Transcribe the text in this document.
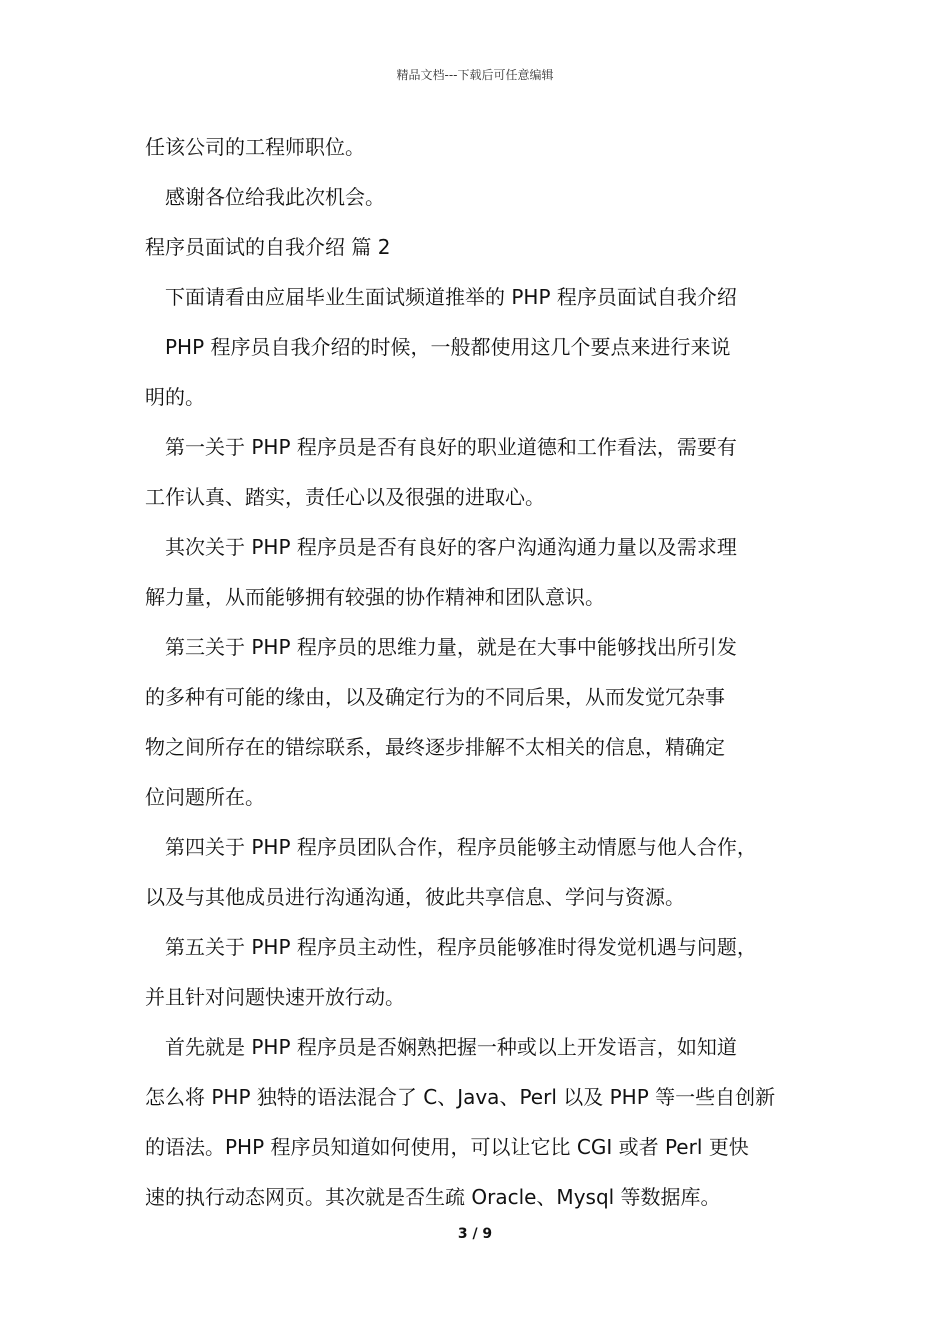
精品文档---下载后可任意编辑
任该公司的工程师职位。
　感谢各位给我此次机会。
程序员面试的自我介绍 篇 2
　下面请看由应届毕业生面试频道推举的 PHP 程序员面试自我介绍
　PHP 程序员自我介绍的时候，一般都使用这几个要点来进行来说
明的。
　第一关于 PHP 程序员是否有良好的职业道德和工作看法，需要有
工作认真、踏实，责任心以及很强的进取心。
　其次关于 PHP 程序员是否有良好的客户沟通沟通力量以及需求理
解力量，从而能够拥有较强的协作精神和团队意识。
　第三关于 PHP 程序员的思维力量，就是在大事中能够找出所引发
的多种有可能的缘由，以及确定行为的不同后果，从而发觉冗杂事
物之间所存在的错综联系，最终逐步排解不太相关的信息，精确定
位问题所在。
　第四关于 PHP 程序员团队合作，程序员能够主动情愿与他人合作，
以及与其他成员进行沟通沟通，彼此共享信息、学问与资源。
　第五关于 PHP 程序员主动性，程序员能够准时得发觉机遇与问题，
并且针对问题快速开放行动。
　首先就是 PHP 程序员是否娴熟把握一种或以上开发语言，如知道
怎么将 PHP 独特的语法混合了 C、Java、Perl 以及 PHP 等一些自创新
的语法。PHP 程序员知道如何使用，可以让它比 CGI 或者 Perl 更快
速的执行动态网页。其次就是否生疏 Oracle、Mysql 等数据库。
3 / 9
